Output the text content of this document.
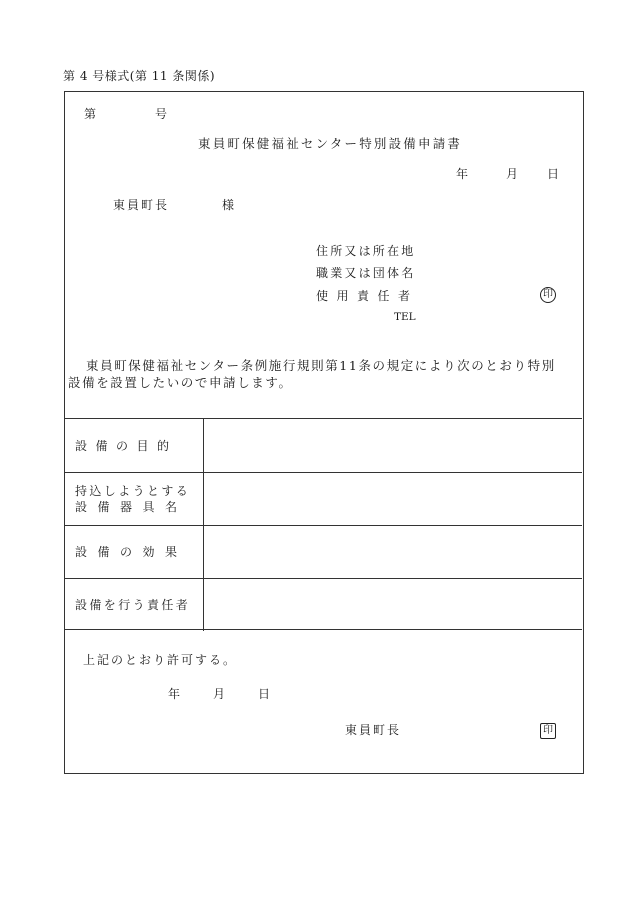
第 4 号様式(第 11 条関係)
第	号
東員町保健福祉センター特別設備申請書
年	月 日
東員町長	様
住所又は所在地
職業又は団体名
使用責任者
TEL
印
東員町保健福祉センター条例施行規則第11条の規定により次のとおり特別設備を設置したいので申請します。
設備の目的
持込しようとする
設備器具名
設備の効果
設備を行う責任者
上記のとおり許可する。
年	月	日
東員町長	印
